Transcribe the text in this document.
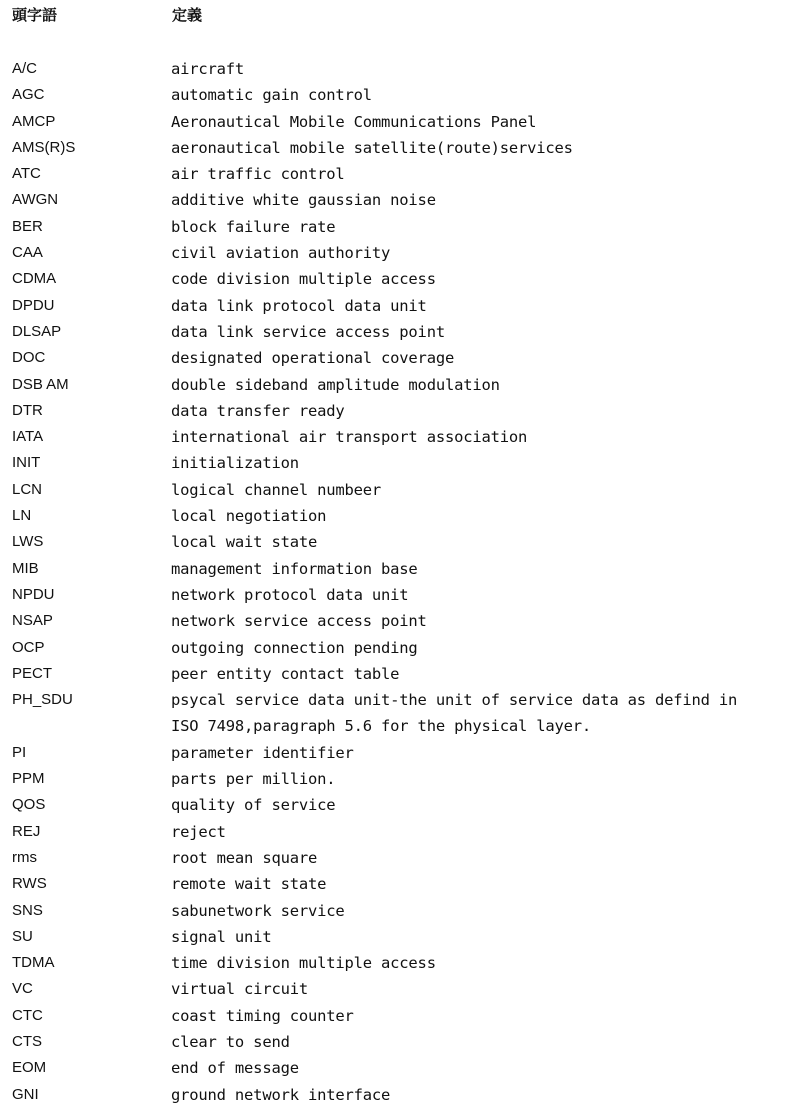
頭字語	定義
A/C	aircraft
AGC	automatic gain control
AMCP	Aeronautical Mobile Communications Panel
AMS(R)S	aeronautical mobile satellite(route)services
ATC	air traffic control
AWGN	additive white gaussian noise
BER	block failure rate
CAA	civil aviation authority
CDMA	code division multiple access
DPDU	data link protocol data unit
DLSAP	data link service access point
DOC	designated operational coverage
DSB AM	double sideband amplitude modulation
DTR	data transfer ready
IATA	international air transport association
INIT	initialization
LCN	logical channel numbeer
LN	local negotiation
LWS	local wait state
MIB	management information base
NPDU	network protocol data unit
NSAP	network service access point
OCP	outgoing connection pending
PECT	peer entity contact table
PH_SDU	psycal service data unit-the unit of service data as defind in
ISO 7498,paragraph 5.6 for the physical layer.
PI	parameter identifier
PPM	parts per million.
QOS	quality of service
REJ	reject
rms	root mean square
RWS	remote wait state
SNS	sabunetwork service
SU	signal unit
TDMA	time division multiple access
VC	virtual circuit
CTC	coast timing counter
CTS	clear to send
EOM	end of message
GNI	ground network interface
